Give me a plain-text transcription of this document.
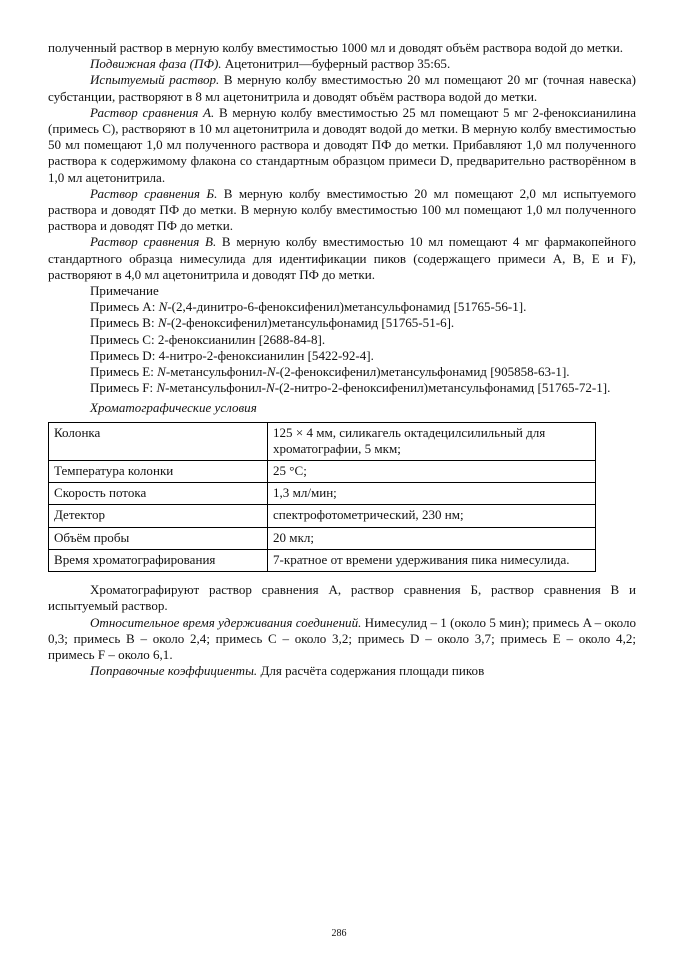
полученный раствор в мерную колбу вместимостью 1000 мл и доводят объём раствора водой до метки.

Подвижная фаза (ПФ). Ацетонитрил—буферный раствор 35:65.

Испытуемый раствор. В мерную колбу вместимостью 20 мл помещают 20 мг (точная навеска) субстанции, растворяют в 8 мл ацетонитрила и доводят объём раствора водой до метки.

Раствор сравнения А. В мерную колбу вместимостью 25 мл помещают 5 мг 2-феноксианилина (примесь С), растворяют в 10 мл ацетонитрила и доводят водой до метки. В мерную колбу вместимостью 50 мл помещают 1,0 мл полученного раствора и доводят ПФ до метки. Прибавляют 1,0 мл полученного раствора к содержимому флакона со стандартным образцом примеси D, предварительно растворённом в 1,0 мл ацетонитрила.

Раствор сравнения Б. В мерную колбу вместимостью 20 мл помещают 2,0 мл испытуемого раствора и доводят ПФ до метки. В мерную колбу вместимостью 100 мл помещают 1,0 мл полученного раствора и доводят ПФ до метки.

Раствор сравнения В. В мерную колбу вместимостью 10 мл помещают 4 мг фармакопейного стандартного образца нимесулида для идентификации пиков (содержащего примеси A, B, E и F), растворяют в 4,0 мл ацетонитрила и доводят ПФ до метки.

Примечание

Примесь A: N-(2,4-динитро-6-феноксифенил)метансульфонамид [51765-56-1].

Примесь B: N-(2-феноксифенил)метансульфонамид [51765-51-6].

Примесь C: 2-феноксианилин [2688-84-8].

Примесь D: 4-нитро-2-феноксианилин [5422-92-4].

Примесь E: N-метансульфонил-N-(2-феноксифенил)метансульфонамид [905858-63-1].

Примесь F: N-метансульфонил-N-(2-нитро-2-феноксифенил)метансульфонамид [51765-72-1].

Хроматографические условия

Колонка	125 × 4 мм, силикагель октадецилсилильный для хроматографии, 5 мкм;
Температура колонки	25 °С;
Скорость потока	1,3 мл/мин;
Детектор	спектрофотометрический, 230 нм;
Объём пробы	20 мкл;
Время хроматографирования	7-кратное от времени удерживания пика нимесулида.

Хроматографируют раствор сравнения А, раствор сравнения Б, раствор сравнения В и испытуемый раствор.

Относительное время удерживания соединений. Нимесулид – 1 (около 5 мин); примесь A – около 0,3; примесь B – около 2,4; примесь C – около 3,2; примесь D – около 3,7; примесь E – около 4,2; примесь F – около 6,1.

Поправочные коэффициенты. Для расчёта содержания площади пиков

286
